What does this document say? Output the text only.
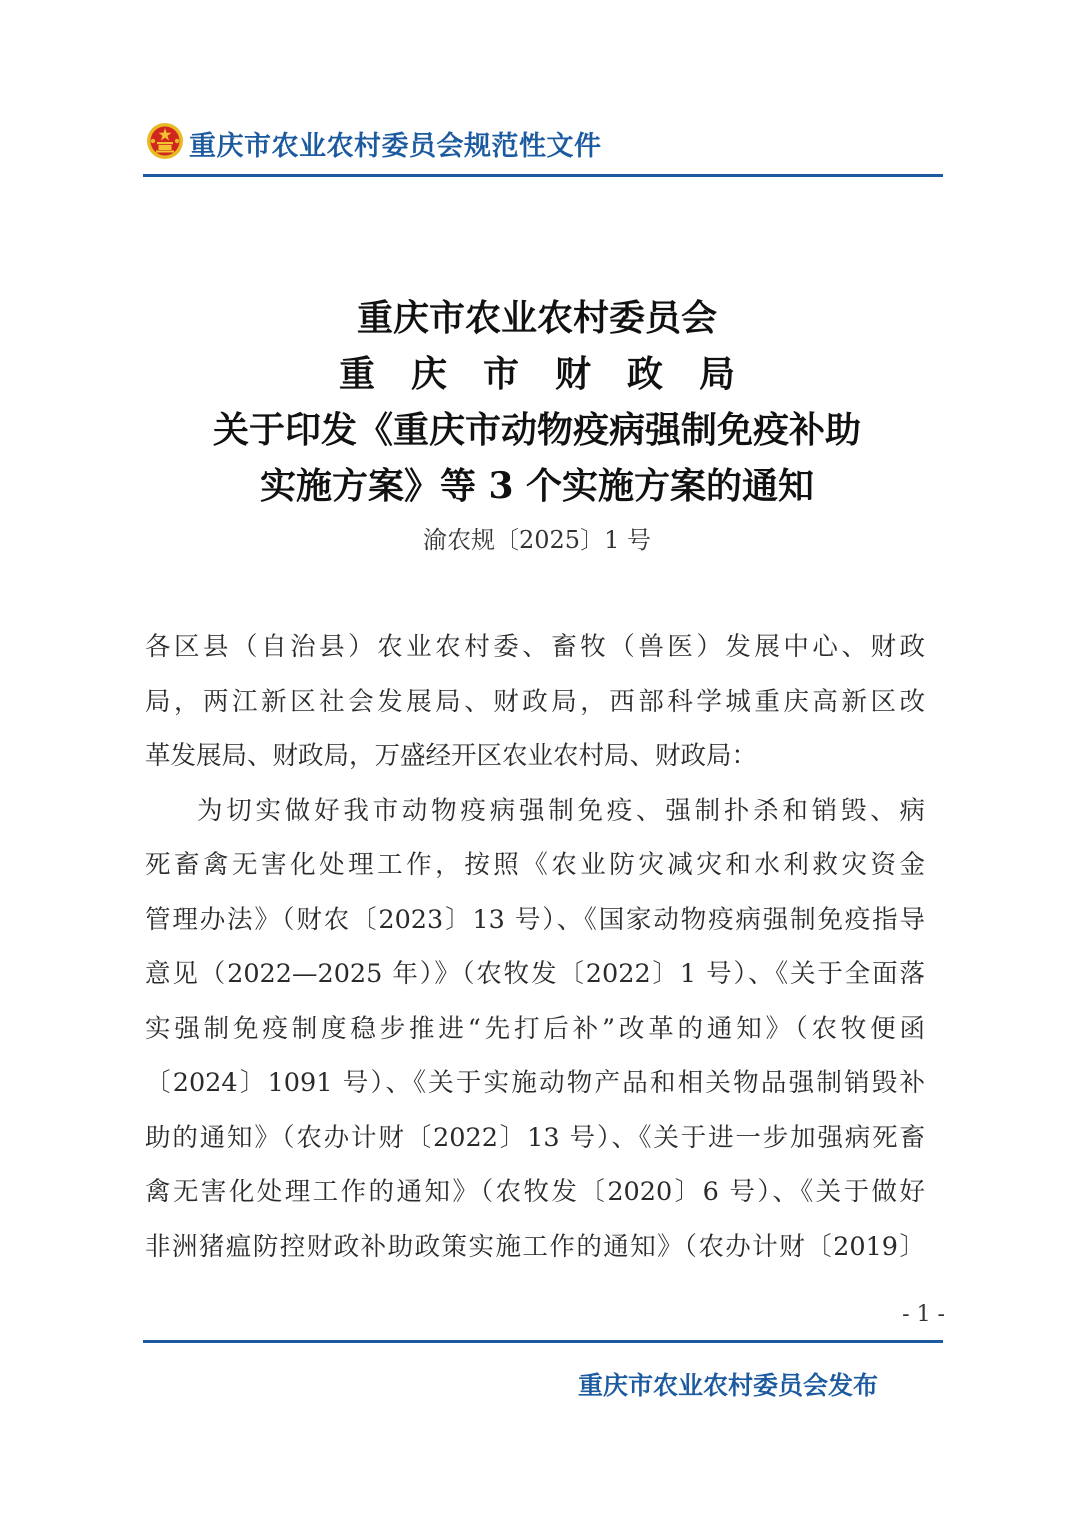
重庆市农业农村委员会规范性文件
重庆市农业农村委员会
重庆市财政局
关于印发《重庆市动物疫病强制免疫补助
实施方案》等 3 个实施方案的通知
渝农规〔2025〕1 号
各区县（自治县）农业农村委、畜牧（兽医）发展中心、财政
局，两江新区社会发展局、财政局，西部科学城重庆高新区改
革发展局、财政局，万盛经开区农业农村局、财政局：
为切实做好我市动物疫病强制免疫、强制扑杀和销毁、病
死畜禽无害化处理工作，按照《农业防灾减灾和水利救灾资金
管理办法》（财农〔2023〕13 号）、《国家动物疫病强制免疫指导
意见（2022—2025 年）》（农牧发〔2022〕1 号）、《关于全面落
实强制免疫制度稳步推进“先打后补”改革的通知》（农牧便函
〔2024〕1091 号）、《关于实施动物产品和相关物品强制销毁补
助的通知》（农办计财〔2022〕13 号）、《关于进一步加强病死畜
禽无害化处理工作的通知》（农牧发〔2020〕6 号）、《关于做好
非洲猪瘟防控财政补助政策实施工作的通知》（农办计财〔2019〕
- 1 -
重庆市农业农村委员会发布
